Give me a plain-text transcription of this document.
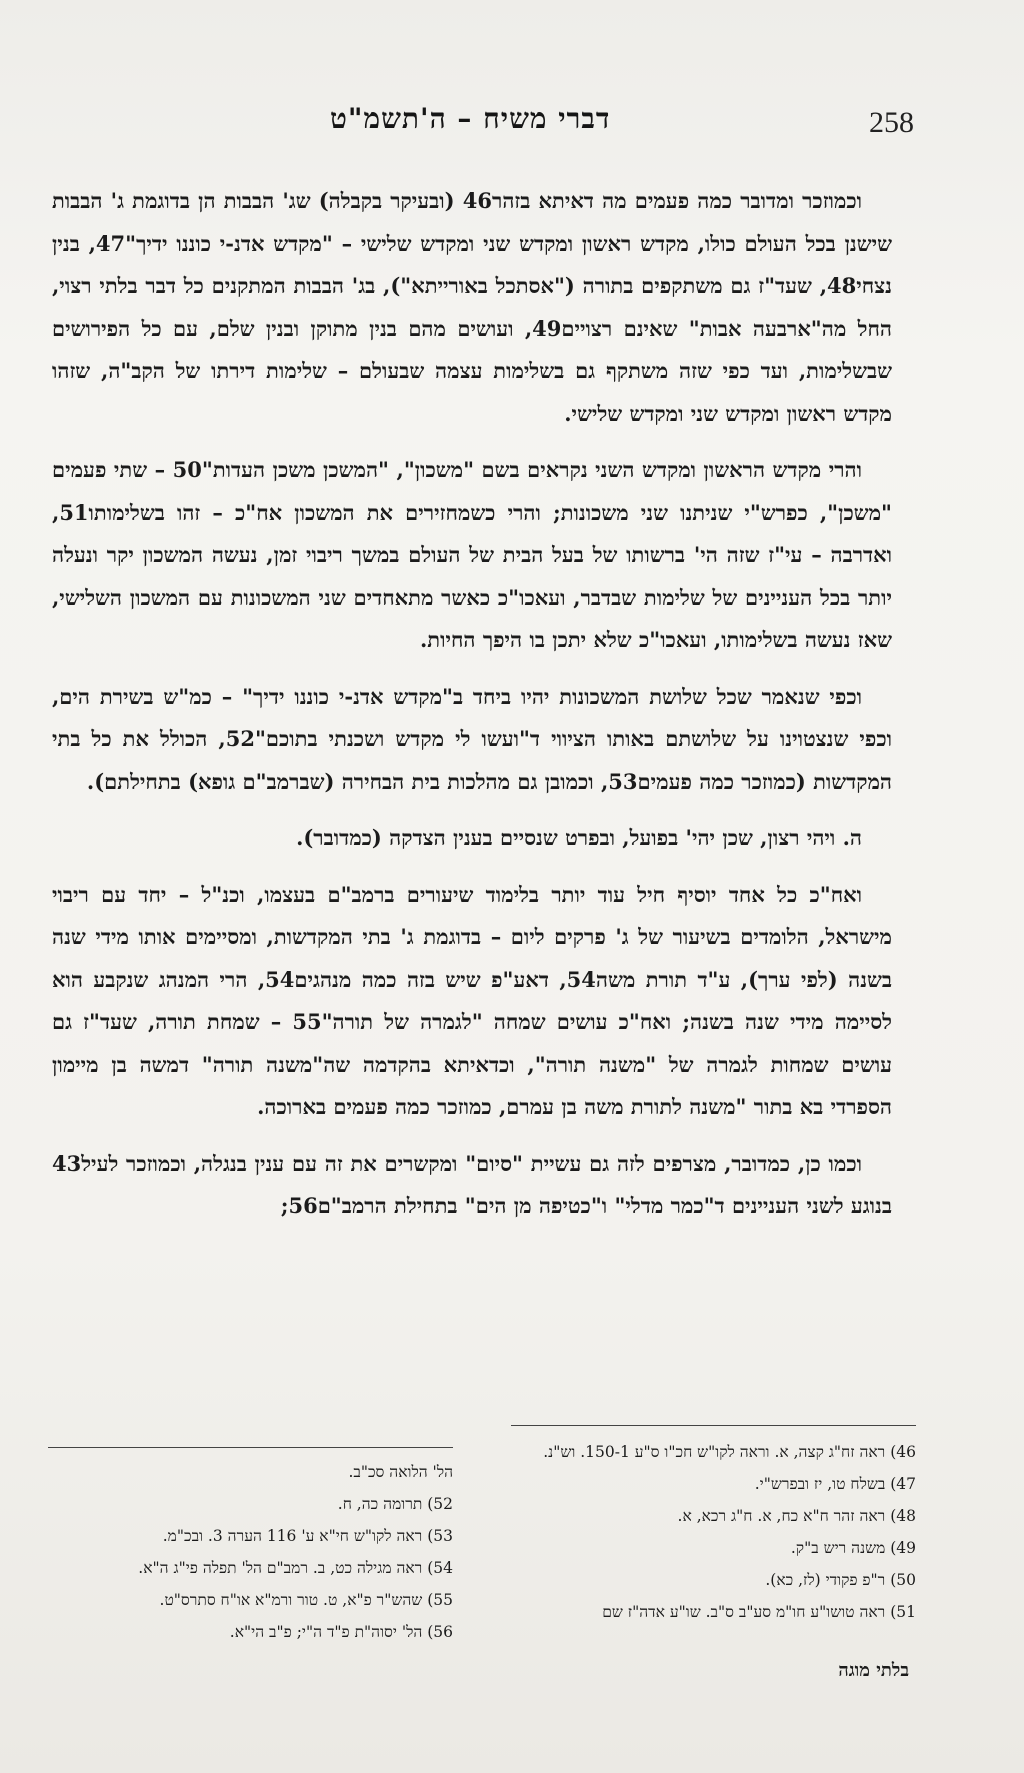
דברי משיח – ה'תשמ"ט	258

וכמוזכר ומדובר כמה פעמים מה דאיתא בזהר46 (ובעיקר בקבלה) שג' הבבות הן בדוגמת ג' הבבות שישנן בכל העולם כולו, מקדש ראשון ומקדש שני ומקדש שלישי – "מקדש אדנ-י כוננו ידיך"47, בנין נצחי48, שעד"ז גם משתקפים בתורה ("אסתכל באורייתא"), בג' הבבות המתקנים כל דבר בלתי רצוי, החל מה"ארבעה אבות" שאינם רצויים49, ועושים מהם בנין מתוקן ובנין שלם, עם כל הפירושים שבשלימות, ועד כפי שזה משתקף גם בשלימות עצמה שבעולם – שלימות דירתו של הקב"ה, שזהו מקדש ראשון ומקדש שני ומקדש שלישי.

והרי מקדש הראשון ומקדש השני נקראים בשם "משכון", "המשכן משכן העדות"50 – שתי פעמים "משכן", כפרש"י שניתנו שני משכונות; והרי כשמחזירים את המשכון אח"כ – זהו בשלימותו51, ואדרבה – עי"ז שזה הי' ברשותו של בעל הבית של העולם במשך ריבוי זמן, נעשה המשכון יקר ונעלה יותר בכל העניינים של שלימות שבדבר, ועאכו"כ כאשר מתאחדים שני המשכונות עם המשכון השלישי, שאז נעשה בשלימותו, ועאכו"כ שלא יתכן בו היפך החיות.

וכפי שנאמר שכל שלושת המשכונות יהיו ביחד ב"מקדש אדנ-י כוננו ידיך" – כמ"ש בשירת הים, וכפי שנצטוינו על שלושתם באותו הציווי ד"ועשו לי מקדש ושכנתי בתוכם"52, הכולל את כל בתי המקדשות (כמוזכר כמה פעמים53, וכמובן גם מהלכות בית הבחירה (שברמב"ם גופא) בתחילתם).

ה. ויהי רצון, שכן יהי' בפועל, ובפרט שנסיים בענין הצדקה (כמדובר).

ואח"כ כל אחד יוסיף חיל עוד יותר בלימוד שיעורים ברמב"ם בעצמו, וכנ"ל – יחד עם ריבוי מישראל, הלומדים בשיעור של ג' פרקים ליום – בדוגמת ג' בתי המקדשות, ומסיימים אותו מידי שנה בשנה (לפי ערך), ע"ד תורת משה54, דאע"פ שיש בזה כמה מנהגים54, הרי המנהג שנקבע הוא לסיימה מידי שנה בשנה; ואח"כ עושים שמחה "לגמרה של תורה"55 – שמחת תורה, שעד"ז גם עושים שמחות לגמרה של "משנה תורה", וכדאיתא בהקדמה שה"משנה תורה" דמשה בן מיימון הספרדי בא בתור "משנה לתורת משה בן עמרם, כמוזכר כמה פעמים בארוכה.

וכמו כן, כמדובר, מצרפים לזה גם עשיית "סיום" ומקשרים את זה עם ענין בנגלה, וכמוזכר לעיל43 בנוגע לשני העניינים ד"כמר מדלי" ו"כטיפה מן הים" בתחילת הרמב"ם56;

46) ראה זח"ג קצה, א. וראה לקו"ש חכ"ו ס"ע 150-1. וש"נ.
47) בשלח טו, יז ובפרש"י.
48) ראה זהר ח"א כח, א. ח"ג רכא, א.
49) משנה ריש ב"ק.
50) ר"פ פקודי (לז, כא).
51) ראה טושו"ע חו"מ סע"ב ס"ב. שו"ע אדה"ז שם
הל' הלואה סכ"ב.
52) תרומה כה, ח.
53) ראה לקו"ש חי"א ע' 116 הערה 3. ובכ"מ.
54) ראה מגילה כט, ב. רמב"ם הל' תפלה פי"ג ה"א.
55) שהש"ר פ"א, ט. טור ורמ"א או"ח סתרס"ט.
56) הל' יסוה"ת פ"ד ה"י; פ"ב הי"א.
בלתי מוגה
